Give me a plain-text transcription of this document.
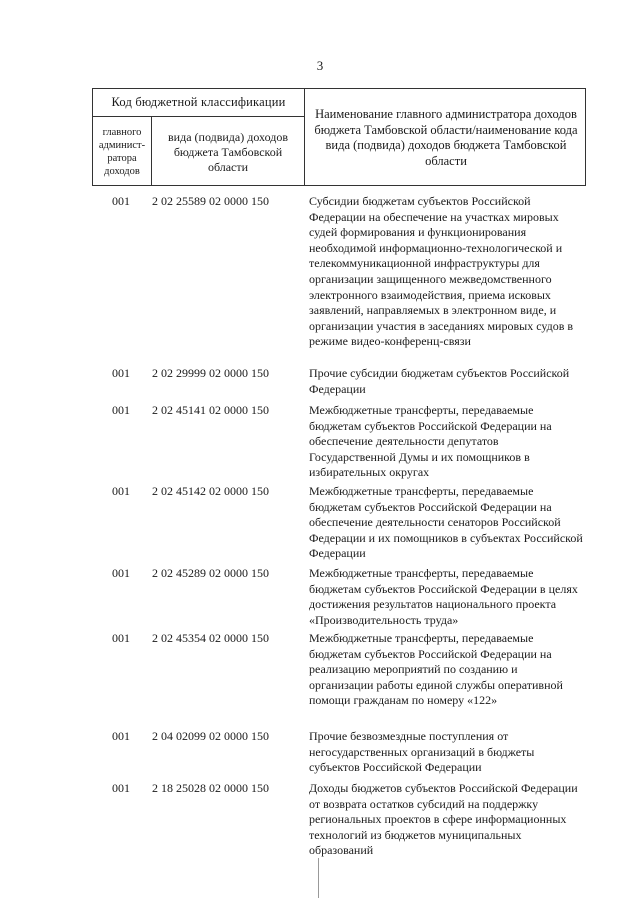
3
Код бюджетной классификации
главного админист-ратора доходов
вида (подвида) доходов бюджета Тамбовской области
Наименование главного администратора доходов бюджета Тамбовской области/наименование кода вида (подвида) доходов бюджета Тамбовской области
001	2 02 25589 02 0000 150	Субсидии бюджетам субъектов Российской Федерации на обеспечение на участках мировых судей формирования и функционирования необходимой информационно-технологической и телекоммуникационной инфраструктуры для организации защищенного межведомственного электронного взаимодействия, приема исковых заявлений, направляемых в электронном виде, и организации участия в заседаниях мировых судов в режиме видео-конференц-связи
001	2 02 29999 02 0000 150	Прочие субсидии бюджетам субъектов Российской Федерации
001	2 02 45141 02 0000 150	Межбюджетные трансферты, передаваемые бюджетам субъектов Российской Федерации на обеспечение деятельности депутатов Государственной Думы и их помощников в избирательных округах
001	2 02 45142 02 0000 150	Межбюджетные трансферты, передаваемые бюджетам субъектов Российской Федерации на обеспечение деятельности сенаторов Российской Федерации и их помощников в субъектах Российской Федерации
001	2 02 45289 02 0000 150	Межбюджетные трансферты, передаваемые бюджетам субъектов Российской Федерации в целях достижения результатов национального проекта «Производительность труда»
001	2 02 45354 02 0000 150	Межбюджетные трансферты, передаваемые бюджетам субъектов Российской Федерации на реализацию мероприятий по созданию и организации работы единой службы оперативной помощи гражданам по номеру «122»
001	2 04 02099 02 0000 150	Прочие безвозмездные поступления от негосударственных организаций в бюджеты субъектов Российской Федерации
001	2 18 25028 02 0000 150	Доходы бюджетов субъектов Российской Федерации от возврата остатков субсидий на поддержку региональных проектов в сфере информационных технологий из бюджетов муниципальных образований
